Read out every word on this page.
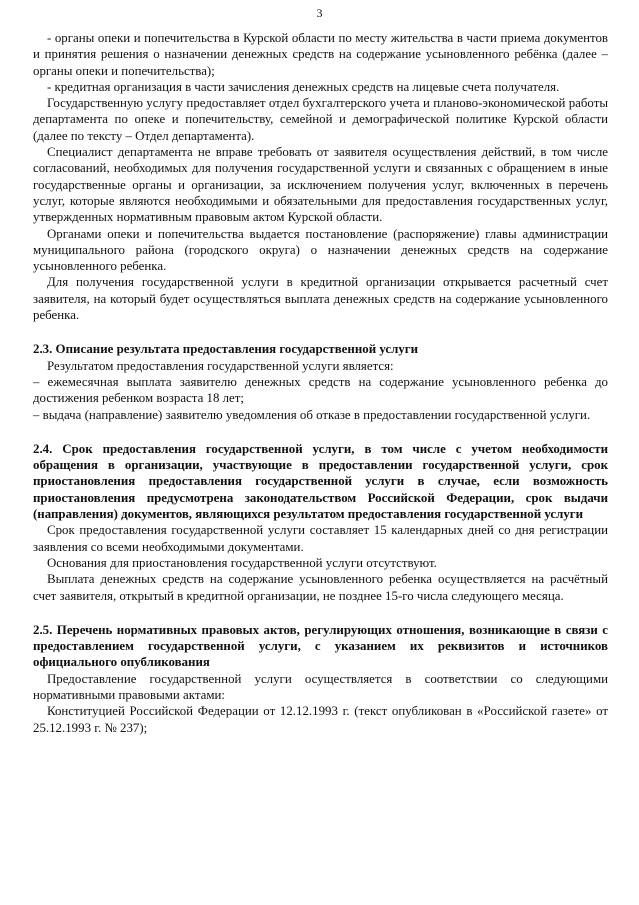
3

- органы опеки и попечительства в Курской области по месту жительства в части приема документов и принятия решения о назначении денежных средств на содержание усыновленного ребёнка (далее – органы опеки и попечительства);

- кредитная организация в части зачисления денежных средств на лицевые счета получателя.

Государственную услугу предоставляет отдел бухгалтерского учета и планово-экономической работы департамента по опеке и попечительству, семейной и демографической политике Курской области (далее по тексту – Отдел департамента).

Специалист департамента не вправе требовать от заявителя осуществления действий, в том числе согласований, необходимых для получения государственной услуги и связанных с обращением в иные государственные органы и организации, за исключением получения услуг, включенных в перечень услуг, которые являются необходимыми и обязательными для предоставления государственных услуг, утвержденных нормативным правовым актом Курской области.

Органами опеки и попечительства выдается постановление (распоряжение) главы администрации муниципального района (городского округа) о назначении денежных средств на содержание усыновленного ребенка.

Для получения государственной услуги в кредитной организации открывается расчетный счет заявителя, на который будет осуществляться выплата денежных средств на содержание усыновленного ребенка.

2.3. Описание результата предоставления государственной услуги

Результатом предоставления государственной услуги является:

– ежемесячная выплата заявителю денежных средств на содержание усыновленного ребенка до достижения ребенком возраста 18 лет;

– выдача (направление) заявителю уведомления об отказе в предоставлении государственной услуги.

2.4. Срок предоставления государственной услуги, в том числе с учетом необходимости обращения в организации, участвующие в предоставлении государственной услуги, срок приостановления предоставления государственной услуги в случае, если возможность приостановления предусмотрена законодательством Российской Федерации, срок выдачи (направления) документов, являющихся результатом предоставления государственной услуги

Срок предоставления государственной услуги составляет 15 календарных дней со дня регистрации заявления со всеми необходимыми документами.

Основания для приостановления государственной услуги отсутствуют.

Выплата денежных средств на содержание усыновленного ребенка осуществляется на расчётный счет заявителя, открытый в кредитной организации, не позднее 15-го числа следующего месяца.

2.5. Перечень нормативных правовых актов, регулирующих отношения, возникающие в связи с предоставлением государственной услуги, с указанием их реквизитов и источников официального опубликования

Предоставление государственной услуги осуществляется в соответствии со следующими нормативными правовыми актами:

Конституцией Российской Федерации от 12.12.1993 г. (текст опубликован в «Российской газете» от 25.12.1993 г. № 237);
